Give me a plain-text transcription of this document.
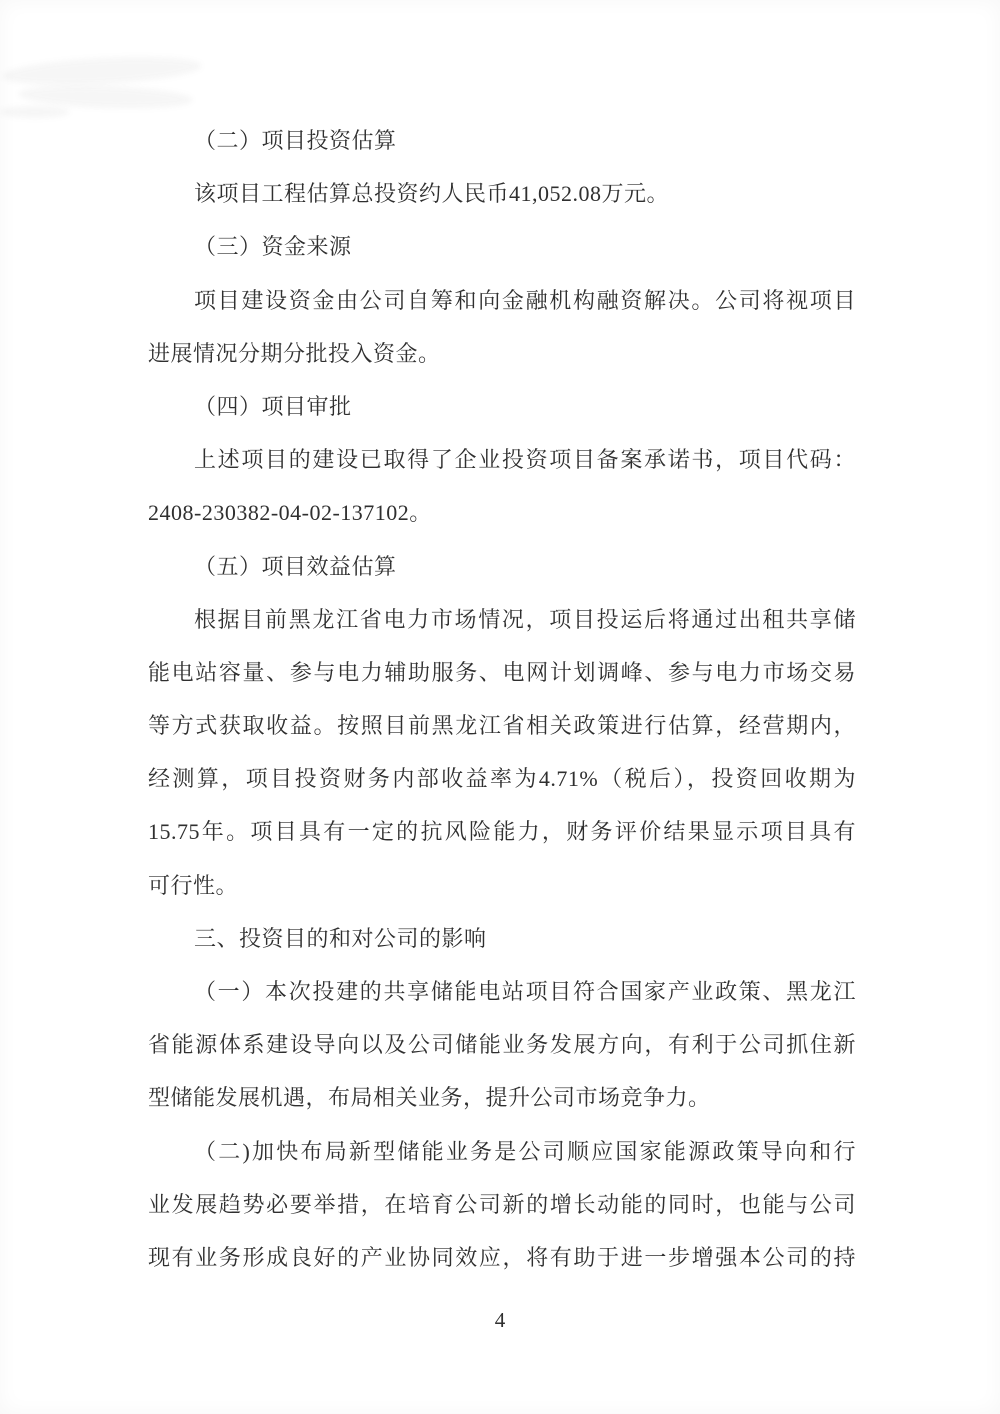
（二）项目投资估算
该项目工程估算总投资约人民币41,052.08万元。
（三）资金来源
项目建设资金由公司自筹和向金融机构融资解决。公司将视项目
进展情况分期分批投入资金。
（四）项目审批
上述项目的建设已取得了企业投资项目备案承诺书，项目代码：
2408-230382-04-02-137102。
（五）项目效益估算
根据目前黑龙江省电力市场情况，项目投运后将通过出租共享储
能电站容量、参与电力辅助服务、电网计划调峰、参与电力市场交易
等方式获取收益。按照目前黑龙江省相关政策进行估算，经营期内，
经测算，项目投资财务内部收益率为4.71%（税后），投资回收期为
15.75年。项目具有一定的抗风险能力，财务评价结果显示项目具有
可行性。
三、投资目的和对公司的影响
（一）本次投建的共享储能电站项目符合国家产业政策、黑龙江
省能源体系建设导向以及公司储能业务发展方向，有利于公司抓住新
型储能发展机遇，布局相关业务，提升公司市场竞争力。
（二)加快布局新型储能业务是公司顺应国家能源政策导向和行
业发展趋势必要举措，在培育公司新的增长动能的同时，也能与公司
现有业务形成良好的产业协同效应，将有助于进一步增强本公司的持
4
